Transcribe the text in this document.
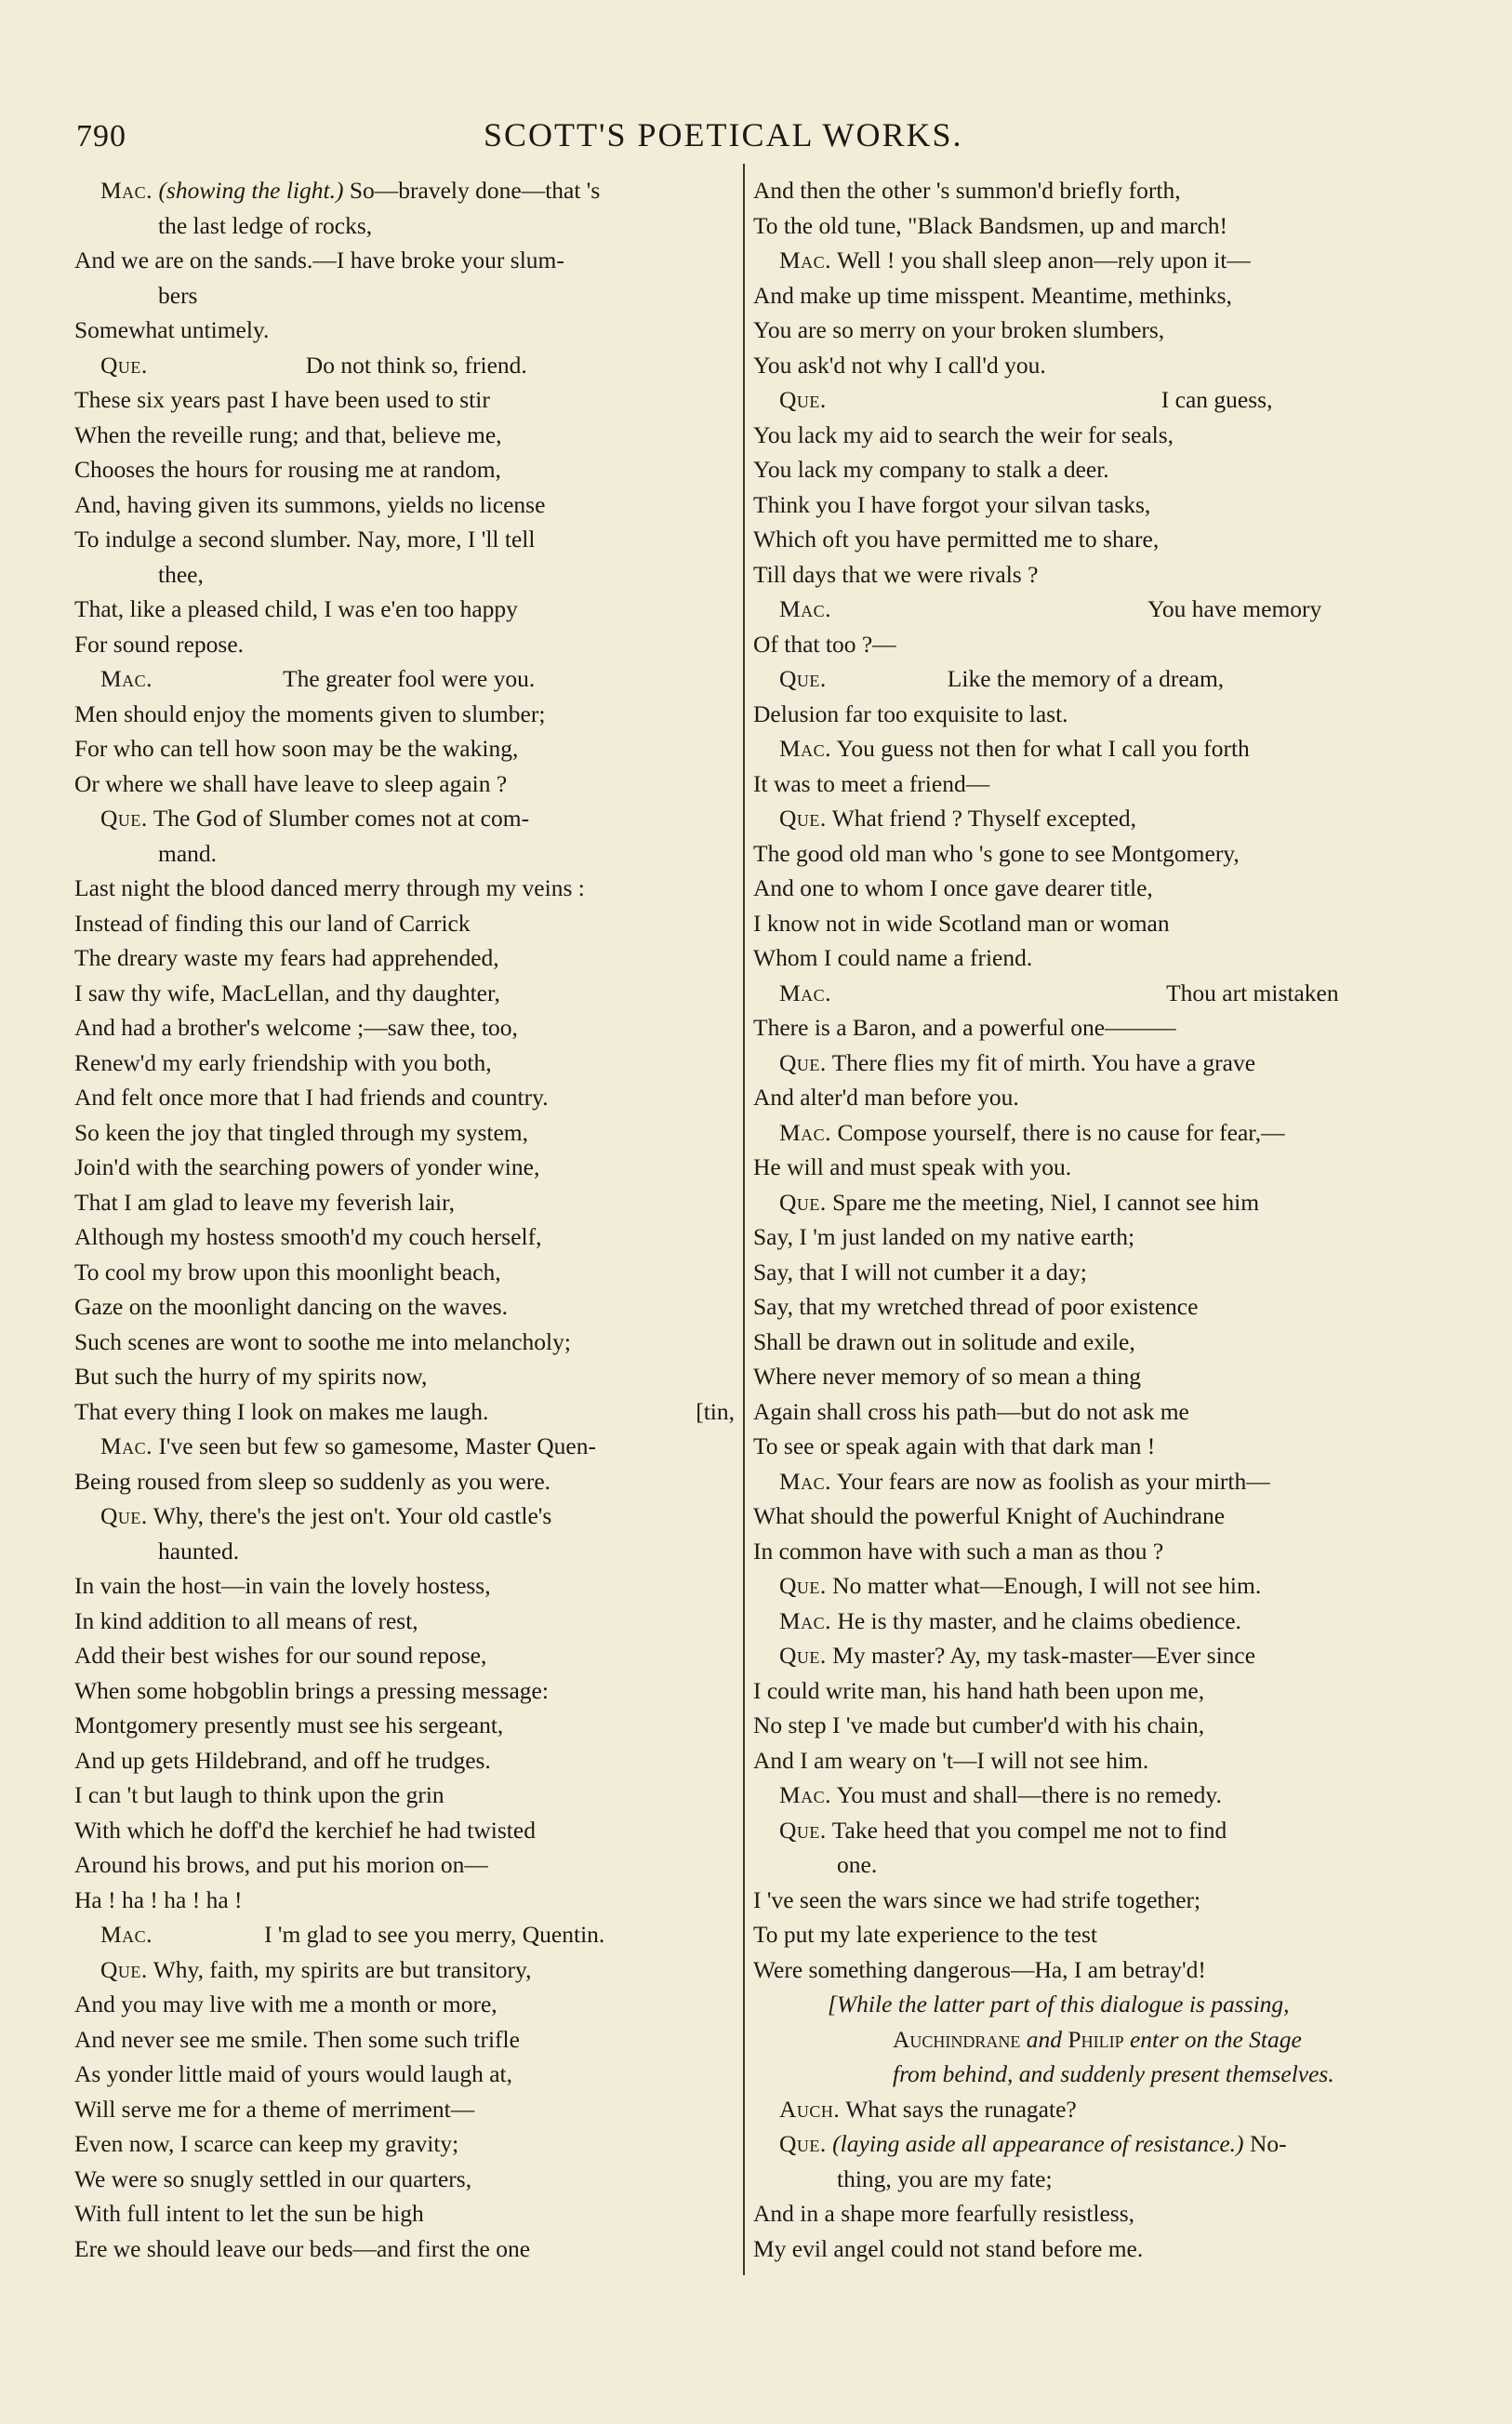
790	SCOTT'S POETICAL WORKS.
Mac. (showing the light.) So—bravely done—that 's
the last ledge of rocks,
And we are on the sands.—I have broke your slum-
bers
Somewhat untimely.
Que.	Do not think so, friend.
These six years past I have been used to stir
When the reveille rung; and that, believe me,
Chooses the hours for rousing me at random,
And, having given its summons, yields no license
To indulge a second slumber. Nay, more, I 'll tell
thee,
That, like a pleased child, I was e'en too happy
For sound repose.
Mac.	The greater fool were you.
Men should enjoy the moments given to slumber;
For who can tell how soon may be the waking,
Or where we shall have leave to sleep again ?
Que. The God of Slumber comes not at com-
mand.
Last night the blood danced merry through my veins :
Instead of finding this our land of Carrick
The dreary waste my fears had apprehended,
I saw thy wife, MacLellan, and thy daughter,
And had a brother's welcome ;—saw thee, too,
Renew'd my early friendship with you both,
And felt once more that I had friends and country.
So keen the joy that tingled through my system,
Join'd with the searching powers of yonder wine,
That I am glad to leave my feverish lair,
Although my hostess smooth'd my couch herself,
To cool my brow upon this moonlight beach,
Gaze on the moonlight dancing on the waves.
Such scenes are wont to soothe me into melancholy;
But such the hurry of my spirits now,
That every thing I look on makes me laugh.	[tin,
Mac. I've seen but few so gamesome, Master Quen-
Being roused from sleep so suddenly as you were.
Que. Why, there's the jest on't. Your old castle's
haunted.
In vain the host—in vain the lovely hostess,
In kind addition to all means of rest,
Add their best wishes for our sound repose,
When some hobgoblin brings a pressing message:
Montgomery presently must see his sergeant,
And up gets Hildebrand, and off he trudges.
I can 't but laugh to think upon the grin
With which he doff'd the kerchief he had twisted
Around his brows, and put his morion on—
Ha ! ha ! ha ! ha !
Mac.	I 'm glad to see you merry, Quentin.
Que. Why, faith, my spirits are but transitory,
And you may live with me a month or more,
And never see me smile. Then some such trifle
As yonder little maid of yours would laugh at,
Will serve me for a theme of merriment—
Even now, I scarce can keep my gravity;
We were so snugly settled in our quarters,
With full intent to let the sun be high
Ere we should leave our beds—and first the one
And then the other 's summon'd briefly forth,
To the old tune, "Black Bandsmen, up and march!
Mac. Well ! you shall sleep anon—rely upon it—
And make up time misspent. Meantime, methinks,
You are so merry on your broken slumbers,
You ask'd not why I call'd you.
Que.	I can guess,
You lack my aid to search the weir for seals,
You lack my company to stalk a deer.
Think you I have forgot your silvan tasks,
Which oft you have permitted me to share,
Till days that we were rivals ?
Mac.	You have memory
Of that too ?—
Que.	Like the memory of a dream,
Delusion far too exquisite to last.
Mac. You guess not then for what I call you forth
It was to meet a friend—
Que. What friend ? Thyself excepted,
The good old man who 's gone to see Montgomery,
And one to whom I once gave dearer title,
I know not in wide Scotland man or woman
Whom I could name a friend.
Mac.	Thou art mistaken
There is a Baron, and a powerful one———
Que. There flies my fit of mirth. You have a grave
And alter'd man before you.
Mac. Compose yourself, there is no cause for fear,—
He will and must speak with you.
Que. Spare me the meeting, Niel, I cannot see him
Say, I 'm just landed on my native earth;
Say, that I will not cumber it a day;
Say, that my wretched thread of poor existence
Shall be drawn out in solitude and exile,
Where never memory of so mean a thing
Again shall cross his path—but do not ask me
To see or speak again with that dark man !
Mac. Your fears are now as foolish as your mirth—
What should the powerful Knight of Auchindrane
In common have with such a man as thou ?
Que. No matter what—Enough, I will not see him.
Mac. He is thy master, and he claims obedience.
Que. My master? Ay, my task-master—Ever since
I could write man, his hand hath been upon me,
No step I 've made but cumber'd with his chain,
And I am weary on 't—I will not see him.
Mac. You must and shall—there is no remedy.
Que. Take heed that you compel me not to find
one.
I 've seen the wars since we had strife together;
To put my late experience to the test
Were something dangerous—Ha, I am betray'd!
[While the latter part of this dialogue is passing,
Auchindrane and Philip enter on the Stage
from behind, and suddenly present themselves.
Auch. What says the runagate?
Que. (laying aside all appearance of resistance.) No-
thing, you are my fate;
And in a shape more fearfully resistless,
My evil angel could not stand before me.
